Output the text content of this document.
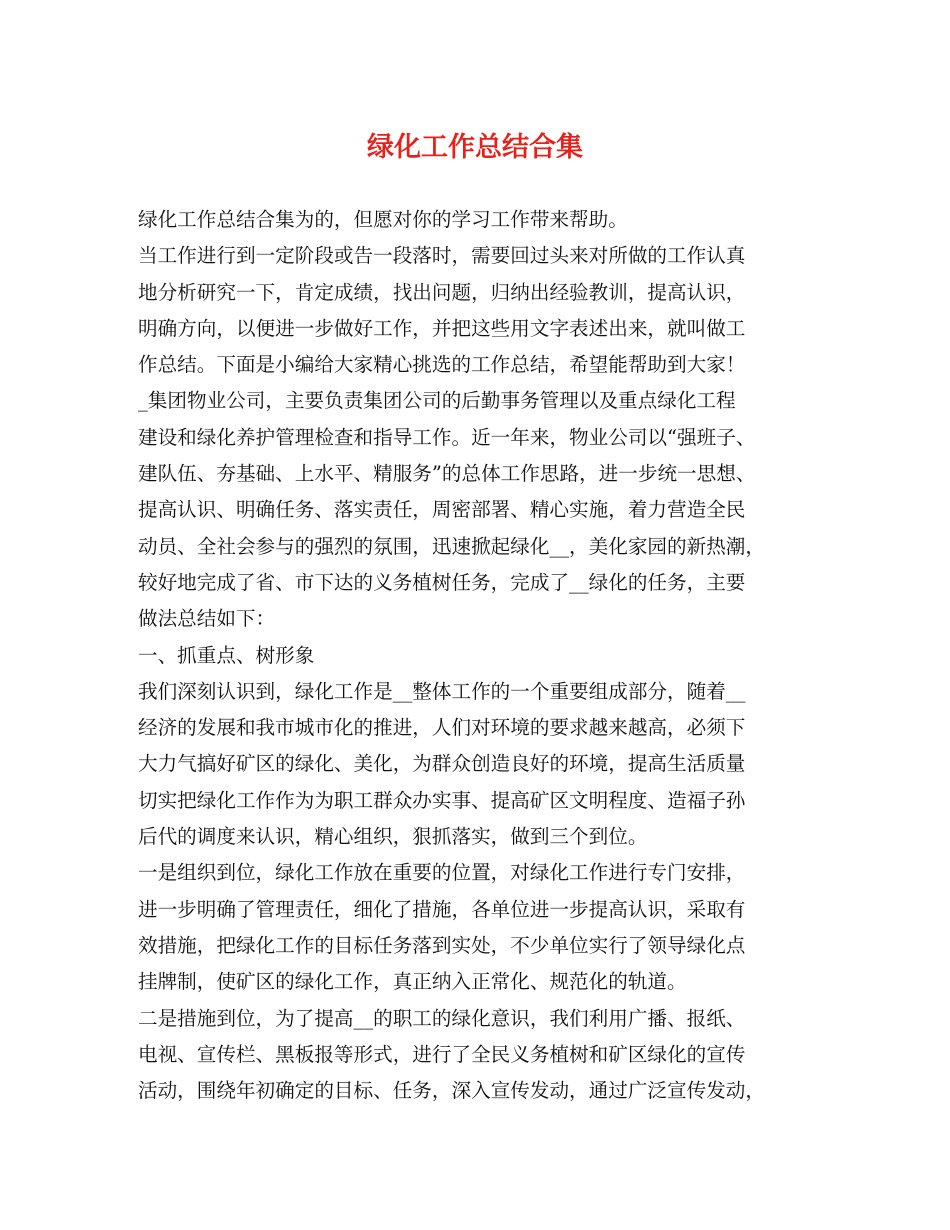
绿化工作总结合集
绿化工作总结合集为的，但愿对你的学习工作带来帮助。
当工作进行到一定阶段或告一段落时，需要回过头来对所做的工作认真
地分析研究一下，肯定成绩，找出问题，归纳出经验教训，提高认识，
明确方向，以便进一步做好工作，并把这些用文字表述出来，就叫做工
作总结。下面是小编给大家精心挑选的工作总结，希望能帮助到大家！
_集团物业公司，主要负责集团公司的后勤事务管理以及重点绿化工程
建设和绿化养护管理检查和指导工作。近一年来，物业公司以“强班子、
建队伍、夯基础、上水平、精服务”的总体工作思路，进一步统一思想、
提高认识、明确任务、落实责任，周密部署、精心实施，着力营造全民
动员、全社会参与的强烈的氛围，迅速掀起绿化__，美化家园的新热潮，
较好地完成了省、市下达的义务植树任务，完成了__绿化的任务，主要
做法总结如下：
一、抓重点、树形象
我们深刻认识到，绿化工作是__整体工作的一个重要组成部分，随着__
经济的发展和我市城市化的推进，人们对环境的要求越来越高，必须下
大力气搞好矿区的绿化、美化，为群众创造良好的环境，提高生活质量
切实把绿化工作作为为职工群众办实事、提高矿区文明程度、造福子孙
后代的调度来认识，精心组织，狠抓落实，做到三个到位。
一是组织到位，绿化工作放在重要的位置，对绿化工作进行专门安排，
进一步明确了管理责任，细化了措施，各单位进一步提高认识，采取有
效措施，把绿化工作的目标任务落到实处，不少单位实行了领导绿化点
挂牌制，使矿区的绿化工作，真正纳入正常化、规范化的轨道。
二是措施到位，为了提高__的职工的绿化意识，我们利用广播、报纸、
电视、宣传栏、黑板报等形式，进行了全民义务植树和矿区绿化的宣传
活动，围绕年初确定的目标、任务，深入宣传发动，通过广泛宣传发动，
